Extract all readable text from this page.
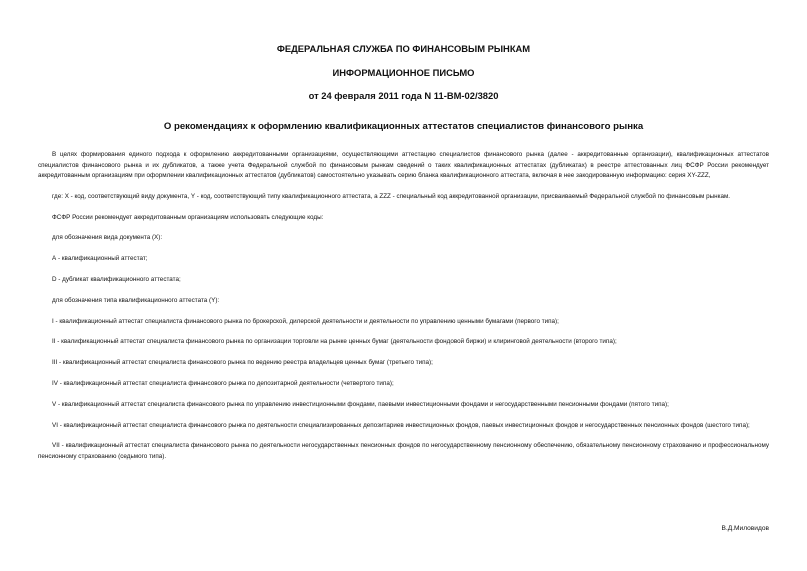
ФЕДЕРАЛЬНАЯ СЛУЖБА ПО ФИНАНСОВЫМ РЫНКАМ

ИНФОРМАЦИОННОЕ ПИСЬМО

от 24 февраля 2011 года N 11-ВМ-02/3820

О рекомендациях к оформлению квалификационных аттестатов специалистов финансового рынка

В целях формирования единого подхода к оформлению аккредитованными организациями, осуществляющими аттестацию специалистов финансового рынка (далее - аккредитованные организации), квалификационных аттестатов специалистов финансового рынка и их дубликатов, а также учета Федеральной службой по финансовым рынкам сведений о таких квалификационных аттестатах (дубликатах) в реестре аттестованных лиц ФСФР России рекомендует аккредитованным организациям при оформлении квалификационных аттестатов (дубликатов) самостоятельно указывать серию бланка квалификационного аттестата, включая в нее закодированную информацию: серия XY-ZZZ,

где: X - код, соответствующий виду документа, Y - код, соответствующий типу квалификационного аттестата, а ZZZ - специальный код аккредитованной организации, присваиваемый Федеральной службой по финансовым рынкам.

ФСФР России рекомендует аккредитованным организациям использовать следующие коды:

для обозначения вида документа (X):

А - квалификационный аттестат;

D - дубликат квалификационного аттестата;

для обозначения типа квалификационного аттестата (Y):

I - квалификационный аттестат специалиста финансового рынка по брокерской, дилерской деятельности и деятельности по управлению ценными бумагами (первого типа);

II - квалификационный аттестат специалиста финансового рынка по организации торговли на рынке ценных бумаг (деятельности фондовой биржи) и клиринговой деятельности (второго типа);

III - квалификационный аттестат специалиста финансового рынка по ведению реестра владельцев ценных бумаг (третьего типа);

IV - квалификационный аттестат специалиста финансового рынка по депозитарной деятельности (четвертого типа);

V - квалификационный аттестат специалиста финансового рынка по управлению инвестиционными фондами, паевыми инвестиционными фондами и негосударственными пенсионными фондами (пятого типа);

VI - квалификационный аттестат специалиста финансового рынка по деятельности специализированных депозитариев инвестиционных фондов, паевых инвестиционных фондов и негосударственных пенсионных фондов (шестого типа);

VII - квалификационный аттестат специалиста финансового рынка по деятельности негосударственных пенсионных фондов по негосударственному пенсионному обеспечению, обязательному пенсионному страхованию и профессиональному пенсионному страхованию (седьмого типа).

В.Д.Миловидов
